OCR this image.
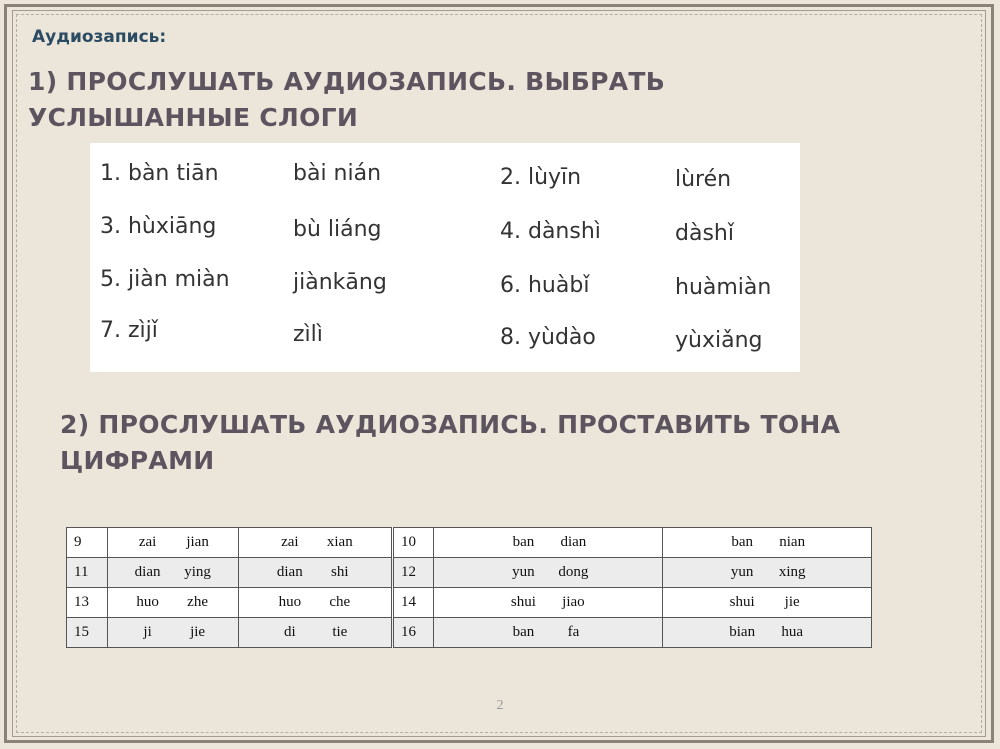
Аудиозапись:
1) ПРОСЛУШАТЬ АУДИОЗАПИСЬ. ВЫБРАТЬ УСЛЫШАННЫЕ СЛОГИ
1. bàn tiān	bài nián	2. lùyīn	lùrén
3. hùxiāng	bù liáng	4. dànshì	dàshǐ
5. jiàn miàn	jiànkāng	6. huàbǐ	huàmiàn
7. zìjǐ	zìlì	8. yùdào	yùxiǎng
2) ПРОСЛУШАТЬ АУДИОЗАПИСЬ. ПРОСТАВИТЬ ТОНА ЦИФРАМИ
9	zai jian	zai xian	10	ban dian	ban nian
11	dian ying	dian shi	12	yun dong	yun xing
13	huo zhe	huo che	14	shui jiao	shui jie
15	ji jie	di tie	16	ban fa	bian hua
2
